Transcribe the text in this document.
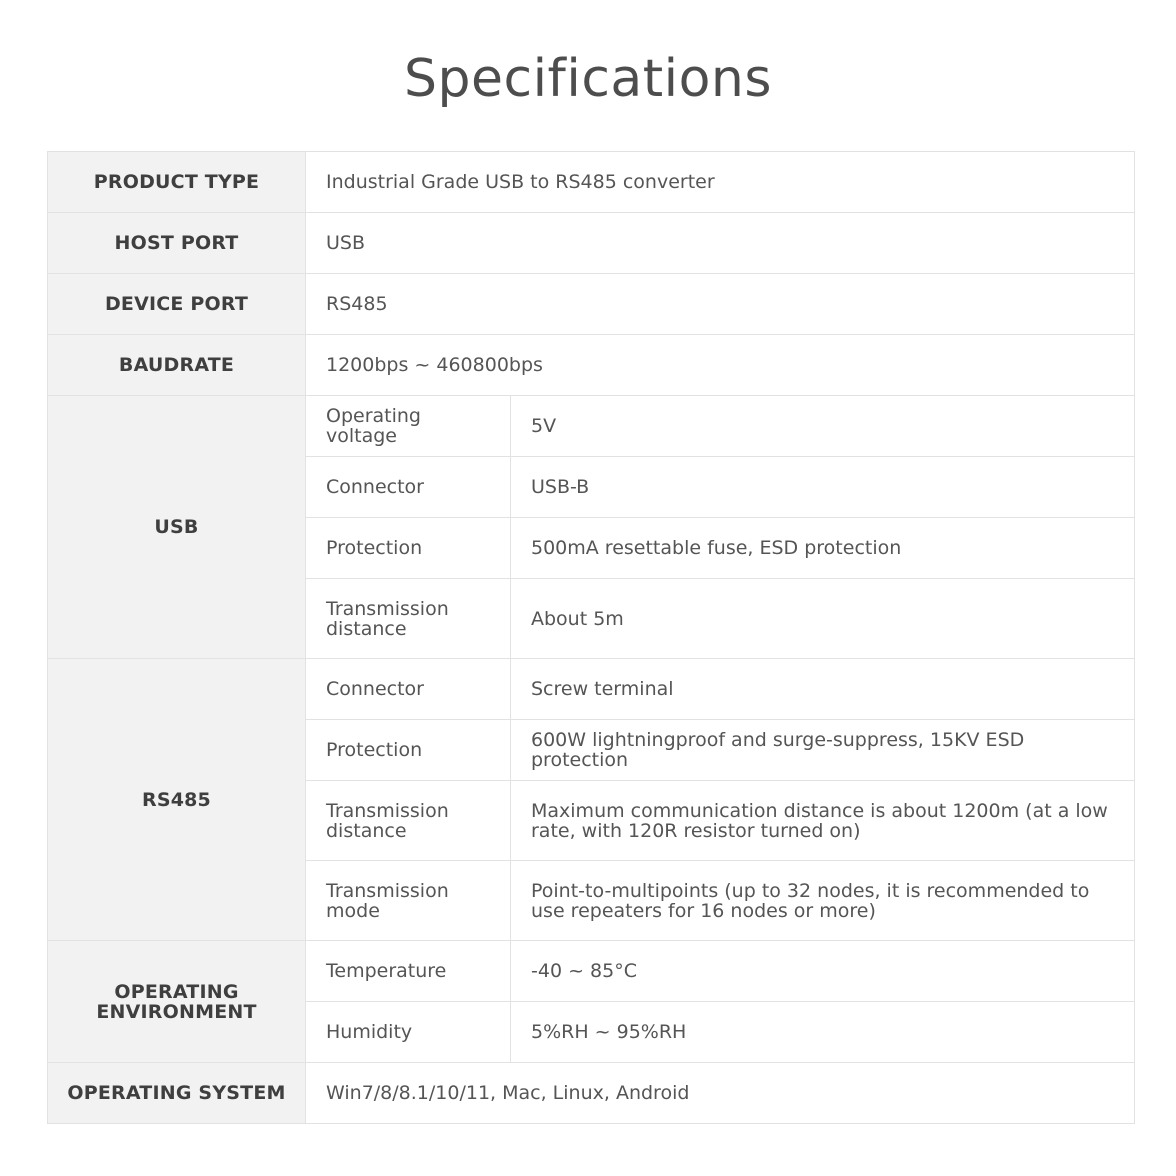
Specifications
PRODUCT TYPE	Industrial Grade USB to RS485 converter	
HOST PORT	USB	
DEVICE PORT	RS485	
BAUDRATE	1200bps ~ 460800bps	
USB	Operating voltage	5V
	Connector	USB-B
	Protection	500mA resettable fuse, ESD protection
	Transmission distance	About 5m
RS485	Connector	Screw terminal
	Protection	600W lightningproof and surge-suppress, 15KV ESD protection
	Transmission distance	Maximum communication distance is about 1200m (at a low rate, with 120R resistor turned on)
	Transmission mode	Point-to-multipoints (up to 32 nodes, it is recommended to use repeaters for 16 nodes or more)
OPERATING ENVIRONMENT	Temperature	-40 ~ 85°C
	Humidity	5%RH ~ 95%RH
OPERATING SYSTEM	Win7/8/8.1/10/11, Mac, Linux, Android	
